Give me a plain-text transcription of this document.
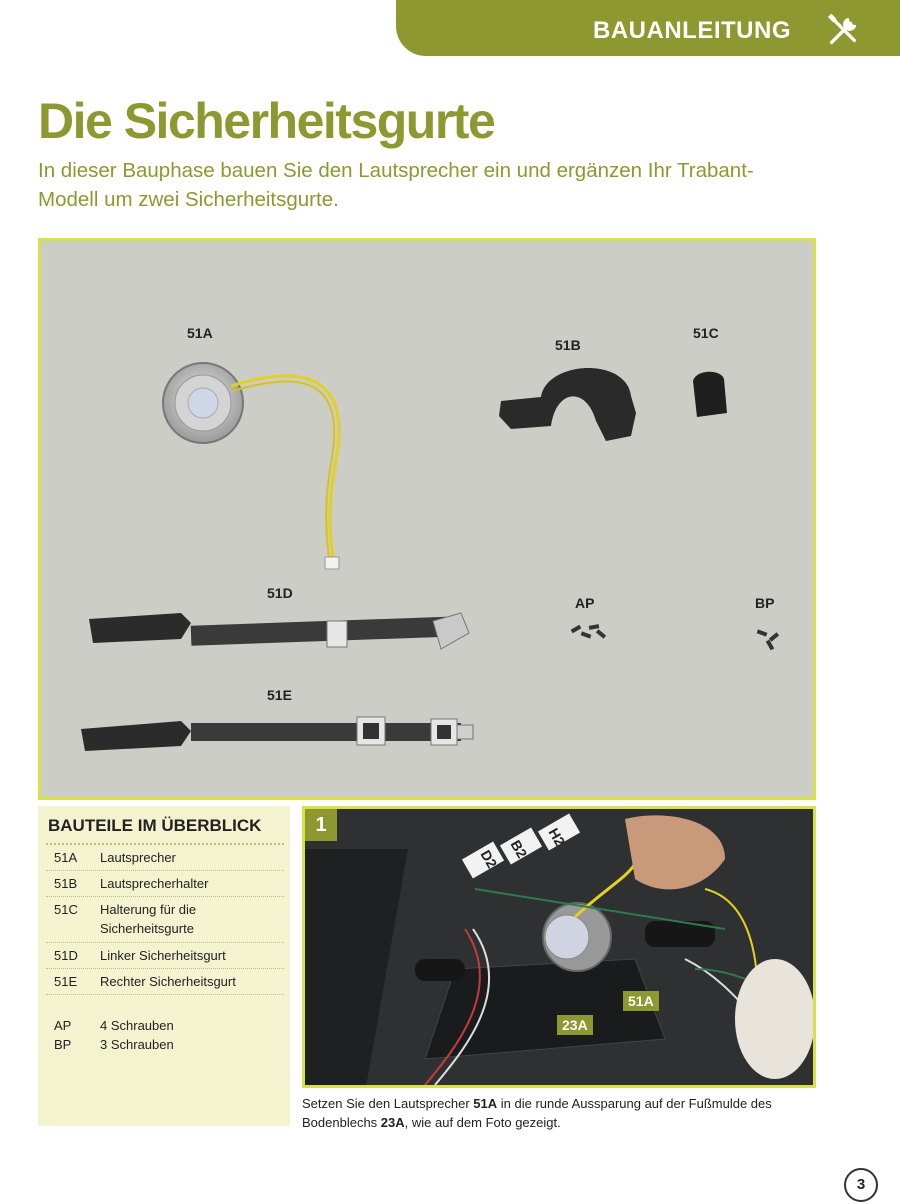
BAUANLEITUNG
Die Sicherheitsgurte
In dieser Bauphase bauen Sie den Lautsprecher ein und ergänzen Ihr Trabant-Modell um zwei Sicherheitsgurte.
51A
51B
51C
51D
51E
AP	BP
BAUTEILE IM ÜBERBLICK
51A Lautsprecher
51B Lautsprecherhalter
51C Halterung für die Sicherheitsgurte
51D Linker Sicherheitsgurt
51E Rechter Sicherheitsgurt
AP 4 Schrauben
BP 3 Schrauben
1
D2 B2
H2
51A
23A
Setzen Sie den Lautsprecher 51A in die runde Aussparung auf der Fußmulde des Bodenblechs 23A, wie auf dem Foto gezeigt.
3
